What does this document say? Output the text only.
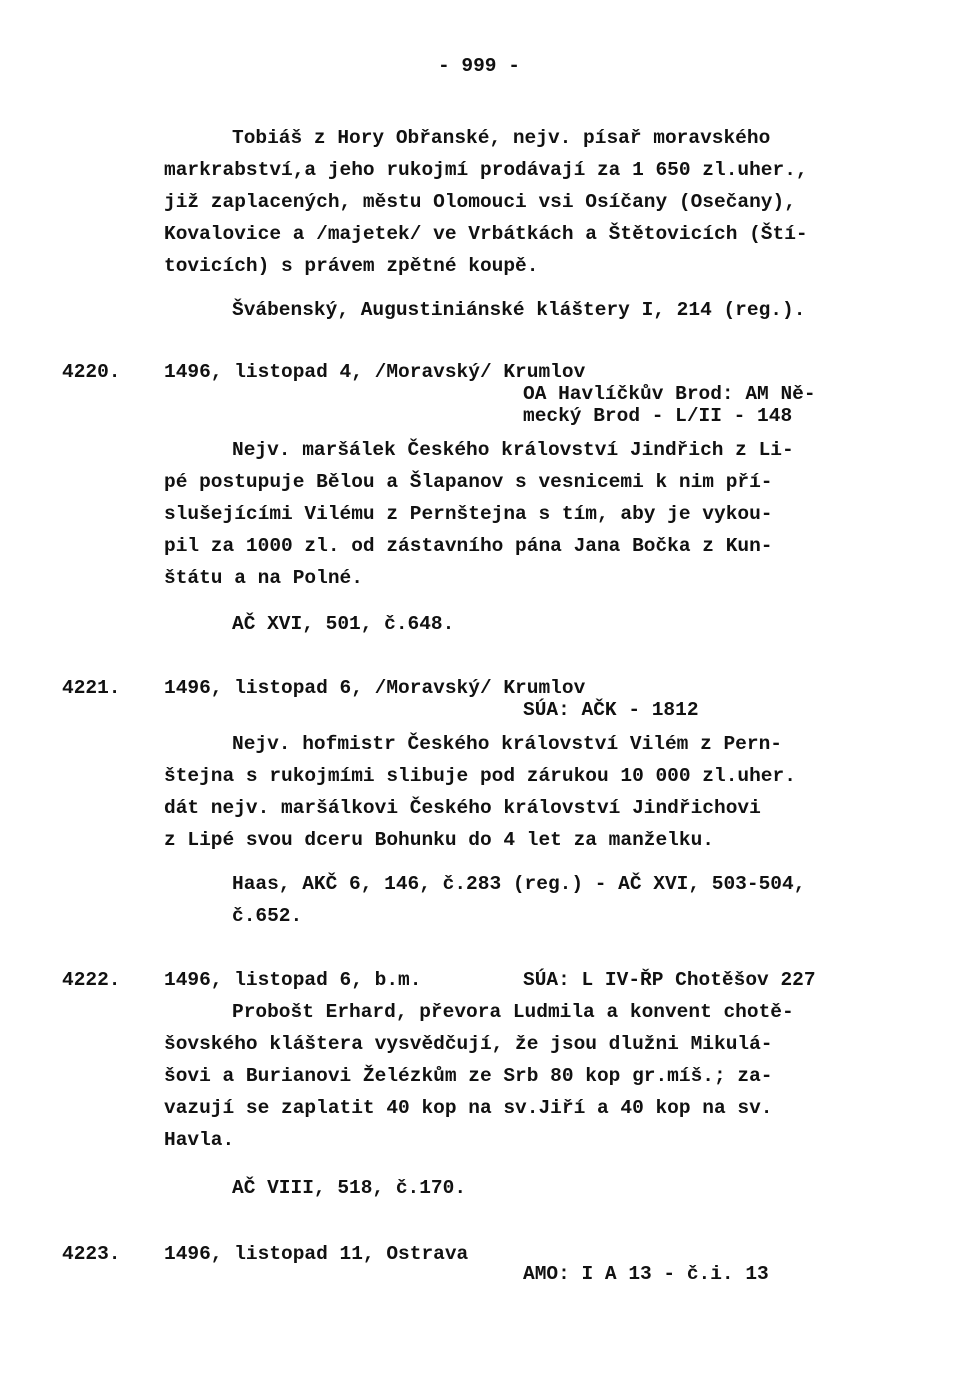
- 999 -
Tobiáš z Hory Obřanské, nejv. písař moravského
markrabství,a jeho rukojmí prodávají za 1 650 zl.uher.,
již zaplacených, městu Olomouci vsi Osíčany (Osečany),
Kovalovice a /majetek/ ve Vrbátkách a Štětovicích (Ští-
tovicích) s právem zpětné koupě.
Švábenský, Augustiniánské kláštery I, 214 (reg.).
4220. 1496, listopad 4, /Moravský/ Krumlov
OA Havlíčkův Brod: AM Ně-
mecký Brod - L/II - 148
Nejv. maršálek Českého království Jindřich z Li-
pé postupuje Bělou a Šlapanov s vesnicemi k nim pří-
slušejícími Vilému z Pernštejna s tím, aby je vykou-
pil za 1000 zl. od zástavního pána Jana Bočka z Kun-
štátu a na Polné.
AČ XVI, 501, č.648.
4221. 1496, listopad 6, /Moravský/ Krumlov
SÚA: AČK - 1812
Nejv. hofmistr Českého království Vilém z Pern-
štejna s rukojmími slibuje pod zárukou 10 000 zl.uher.
dát nejv. maršálkovi Českého království Jindřichovi
z Lipé svou dceru Bohunku do 4 let za manželku.
Haas, AKČ 6, 146, č.283 (reg.) - AČ XVI, 503-504,
č.652.
4222. 1496, listopad 6, b.m.	SÚA: L IV-ŘP Chotěšov 227
Probošt Erhard, převora Ludmila a konvent chotě-
šovského kláštera vysvědčují, že jsou dlužni Mikulá-
šovi a Burianovi Želézkům ze Srb 80 kop gr.míš.; za-
vazují se zaplatit 40 kop na sv.Jiří a 40 kop na sv.
Havla.
AČ VIII, 518, č.170.
4223. 1496, listopad 11, Ostrava
AMO: I A 13 - č.i. 13
